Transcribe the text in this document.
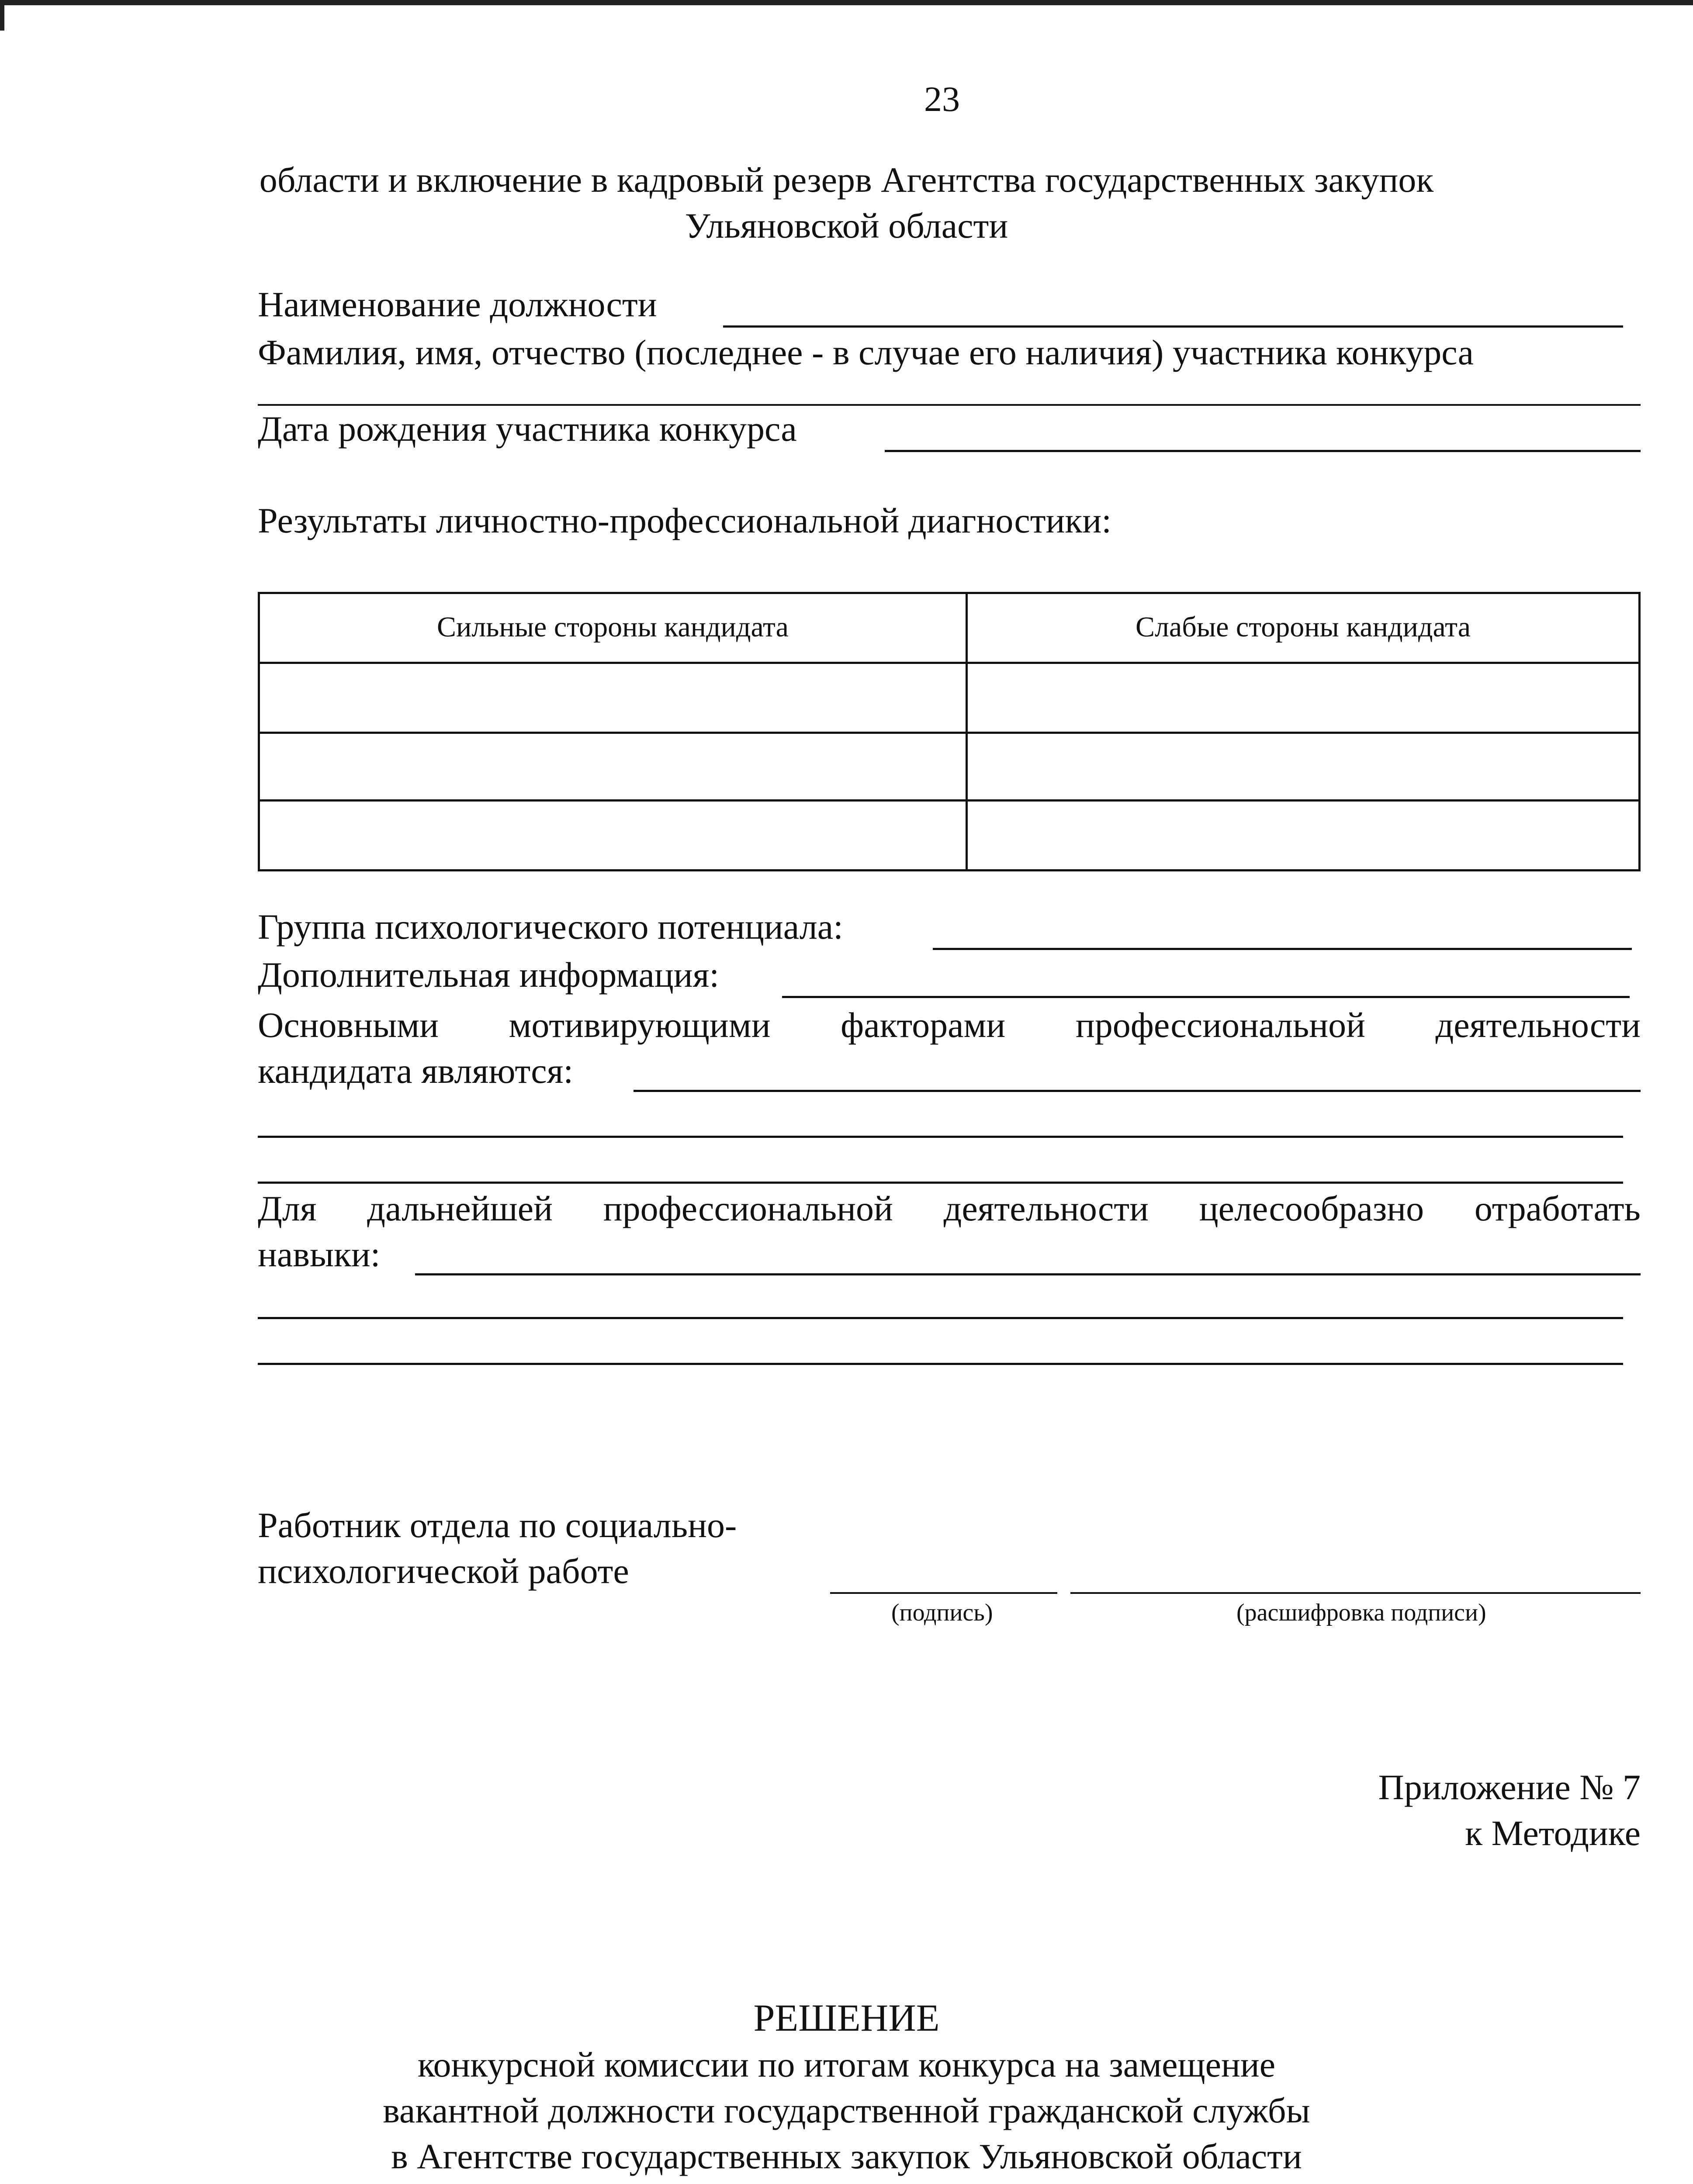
23
области и включение в кадровый резерв Агентства государственных закупок
Ульяновской области
Наименование должности
Фамилия, имя, отчество (последнее - в случае его наличия) участника конкурса
Дата рождения участника конкурса
Результаты личностно-профессиональной диагностики:
Сильные стороны кандидата	Слабые стороны кандидата
Группа психологического потенциала:
Дополнительная информация:
Основными мотивирующими факторами профессиональной деятельности
кандидата являются:
Для дальнейшей профессиональной деятельности целесообразно отработать
навыки:
Работник отдела по социально-
психологической работе
(подпись)	(расшифровка подписи)
Приложение № 7
к Методике
РЕШЕНИЕ
конкурсной комиссии по итогам конкурса на замещение
вакантной должности государственной гражданской службы
в Агентстве государственных закупок Ульяновской области
